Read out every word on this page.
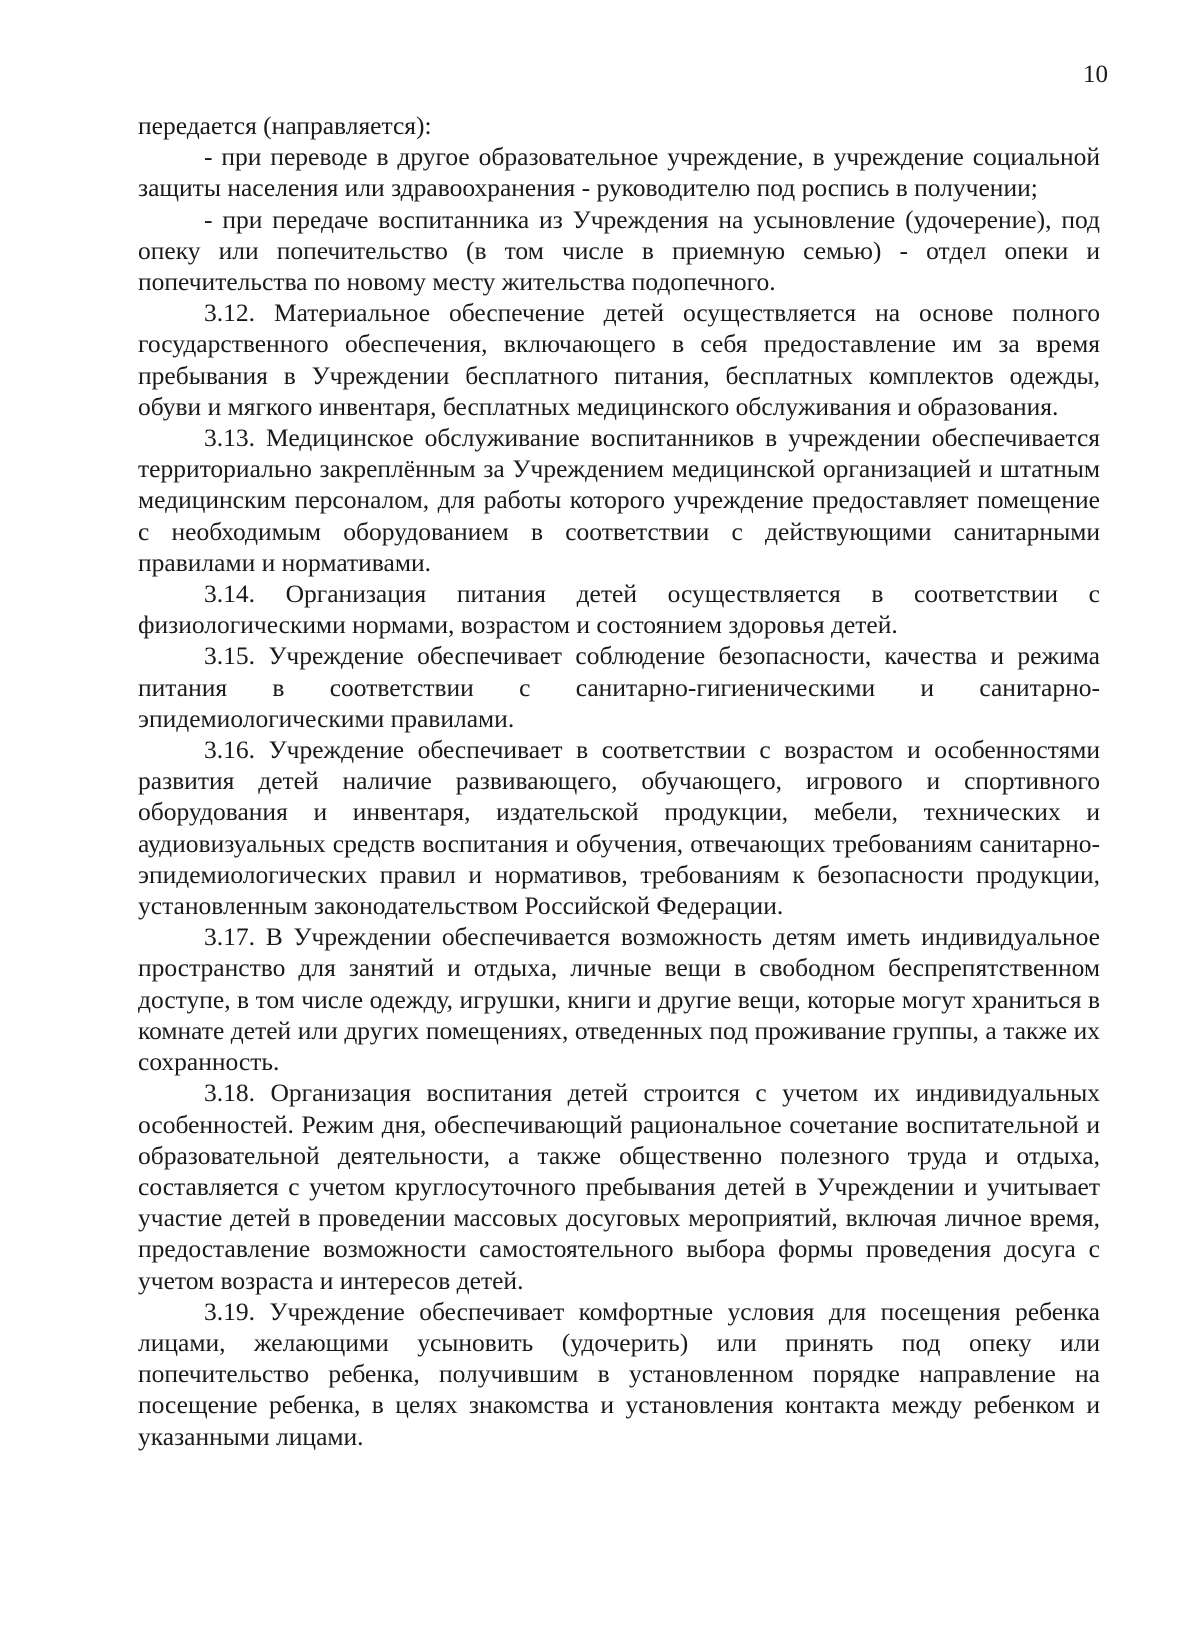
10

передается (направляется):

- при переводе в другое образовательное учреждение, в учреждение социальной защиты населения или здравоохранения - руководителю под роспись в получении;

- при передаче воспитанника из Учреждения на усыновление (удочерение), под опеку или попечительство (в том числе в приемную семью) - отдел опеки и попечительства по новому месту жительства подопечного.

3.12. Материальное обеспечение детей осуществляется на основе полного государственного обеспечения, включающего в себя предоставление им за время пребывания в Учреждении бесплатного питания, бесплатных комплектов одежды, обуви и мягкого инвентаря, бесплатных медицинского обслуживания и образования.

3.13. Медицинское обслуживание воспитанников в учреждении обеспечивается территориально закреплённым за Учреждением медицинской организацией и штатным медицинским персоналом, для работы которого учреждение предоставляет помещение с необходимым оборудованием в соответствии с действующими санитарными правилами и нормативами.

3.14. Организация питания детей осуществляется в соответствии с физиологическими нормами, возрастом и состоянием здоровья детей.

3.15. Учреждение обеспечивает соблюдение безопасности, качества и режима питания в соответствии с санитарно-гигиеническими и санитарно-эпидемиологическими правилами.

3.16. Учреждение обеспечивает в соответствии с возрастом и особенностями развития детей наличие развивающего, обучающего, игрового и спортивного оборудования и инвентаря, издательской продукции, мебели, технических и аудиовизуальных средств воспитания и обучения, отвечающих требованиям санитарно-эпидемиологических правил и нормативов, требованиям к безопасности продукции, установленным законодательством Российской Федерации.

3.17. В Учреждении обеспечивается возможность детям иметь индивидуальное пространство для занятий и отдыха, личные вещи в свободном беспрепятственном доступе, в том числе одежду, игрушки, книги и другие вещи, которые могут храниться в комнате детей или других помещениях, отведенных под проживание группы, а также их сохранность.

3.18. Организация воспитания детей строится с учетом их индивидуальных особенностей. Режим дня, обеспечивающий рациональное сочетание воспитательной и образовательной деятельности, а также общественно полезного труда и отдыха, составляется с учетом круглосуточного пребывания детей в Учреждении и учитывает участие детей в проведении массовых досуговых мероприятий, включая личное время, предоставление возможности самостоятельного выбора формы проведения досуга с учетом возраста и интересов детей.

3.19. Учреждение обеспечивает комфортные условия для посещения ребенка лицами, желающими усыновить (удочерить) или принять под опеку или попечительство ребенка, получившим в установленном порядке направление на посещение ребенка, в целях знакомства и установления контакта между ребенком и указанными лицами.
